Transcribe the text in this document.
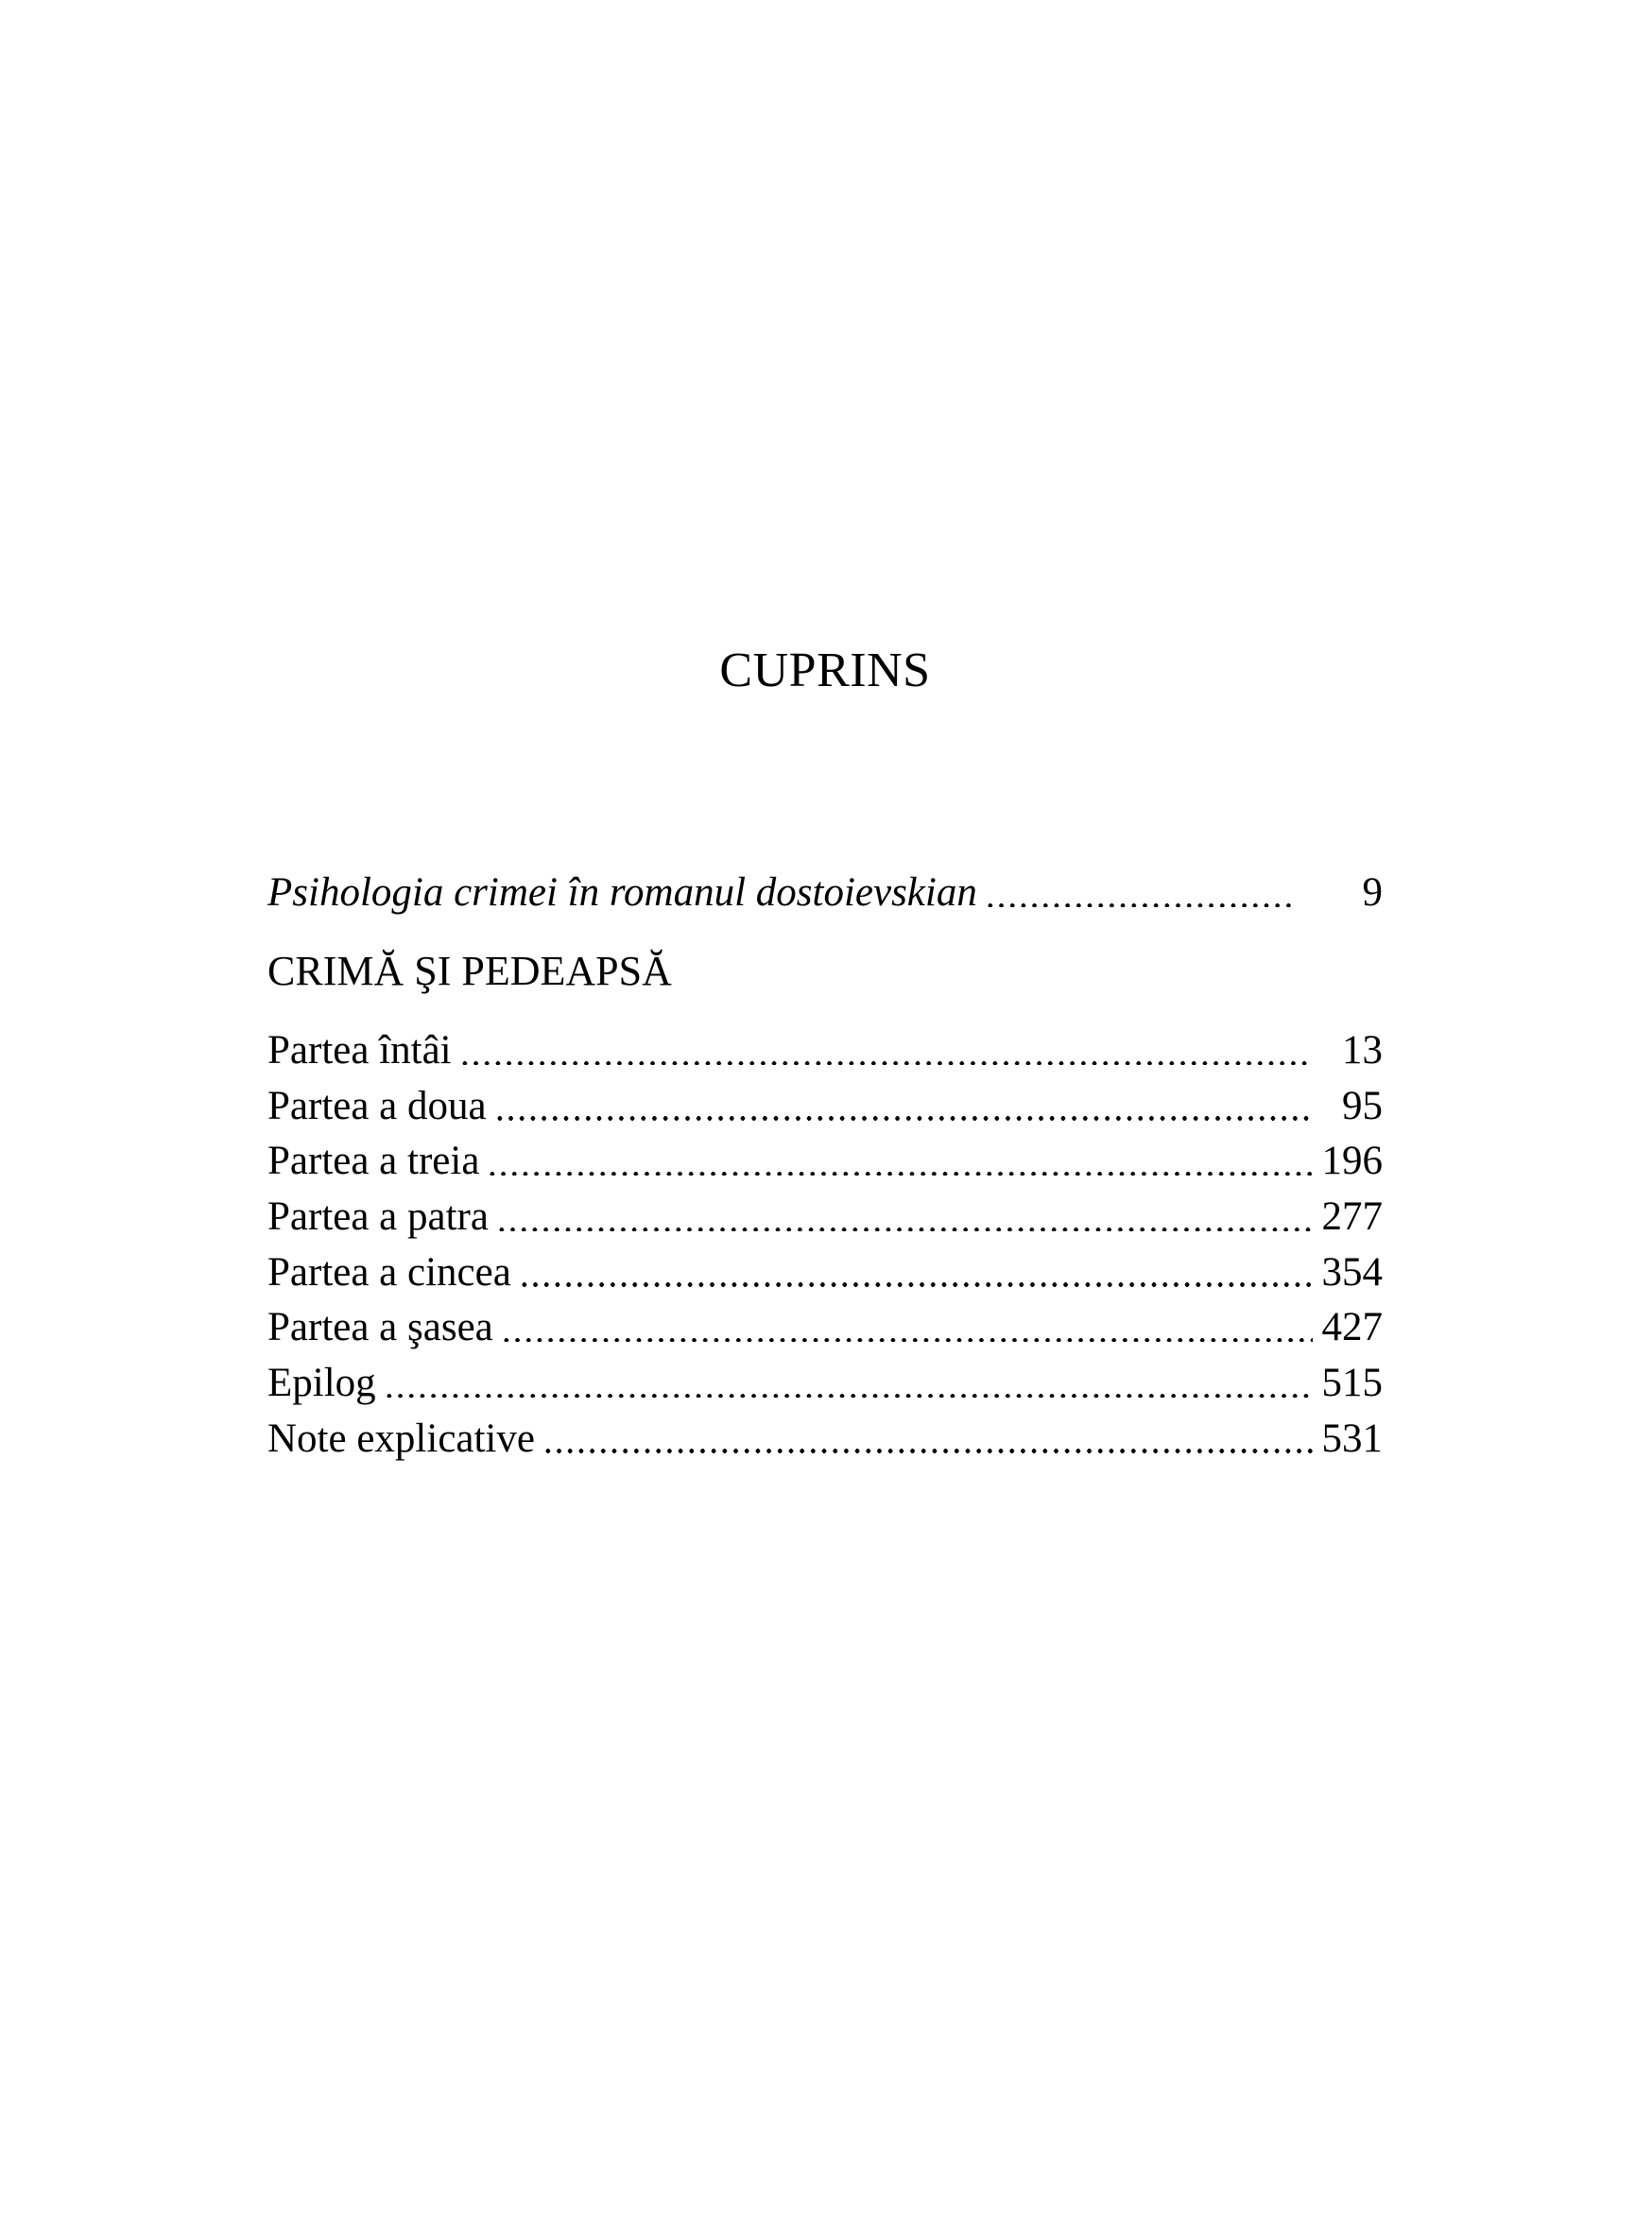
CUPRINS
Psihologia crimei în romanul dostoievskian	9
CRIMĂ ŞI PEDEAPSĂ
Partea întâi	13
Partea a doua	95
Partea a treia	196
Partea a patra	277
Partea a cincea	354
Partea a şasea	427
Epilog	515
Note explicative	531
